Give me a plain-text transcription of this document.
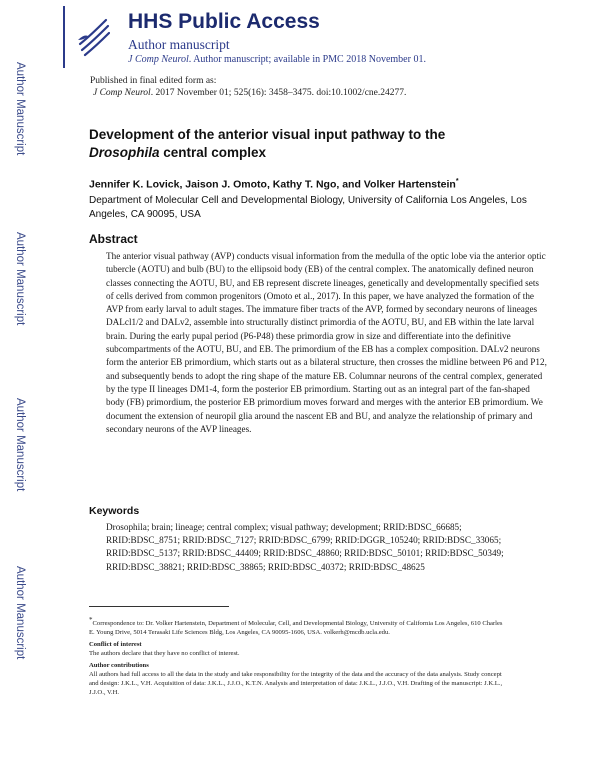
Author Manuscript
Author Manuscript
Author Manuscript
Author Manuscript
HHS Public Access
Author manuscript
J Comp Neurol. Author manuscript; available in PMC 2018 November 01.
Published in final edited form as:
J Comp Neurol. 2017 November 01; 525(16): 3458–3475. doi:10.1002/cne.24277.
Development of the anterior visual input pathway to the
Drosophila central complex
Jennifer K. Lovick, Jaison J. Omoto, Kathy T. Ngo, and Volker Hartenstein*
Department of Molecular Cell and Developmental Biology, University of California Los Angeles, Los Angeles, CA 90095, USA
Abstract
The anterior visual pathway (AVP) conducts visual information from the medulla of the optic lobe via the anterior optic tubercle (AOTU) and bulb (BU) to the ellipsoid body (EB) of the central complex. The anatomically defined neuron classes connecting the AOTU, BU, and EB represent discrete lineages, genetically and developmentally specified sets of cells derived from common progenitors (Omoto et al., 2017). In this paper, we have analyzed the formation of the AVP from early larval to adult stages. The immature fiber tracts of the AVP, formed by secondary neurons of lineages DALcl1/2 and DALv2, assemble into structurally distinct primordia of the AOTU, BU, and EB within the late larval brain. During the early pupal period (P6-P48) these primordia grow in size and differentiate into the definitive subcompartments of the AOTU, BU, and EB. The primordium of the EB has a complex composition. DALv2 neurons form the anterior EB primordium, which starts out as a bilateral structure, then crosses the midline between P6 and P12, and subsequently bends to adopt the ring shape of the mature EB. Columnar neurons of the central complex, generated by the type II lineages DM1-4, form the posterior EB primordium. Starting out as an integral part of the fan-shaped body (FB) primordium, the posterior EB primordium moves forward and merges with the anterior EB primordium. We document the extension of neuropil glia around the nascent EB and BU, and analyze the relationship of primary and secondary neurons of the AVP lineages.
Keywords
Drosophila; brain; lineage; central complex; visual pathway; development; RRID:BDSC_66685; RRID:BDSC_8751; RRID:BDSC_7127; RRID:BDSC_6799; RRID:DGGR_105240; RRID:BDSC_33065; RRID:BDSC_5137; RRID:BDSC_44409; RRID:BDSC_48860; RRID:BDSC_50101; RRID:BDSC_50349; RRID:BDSC_38821; RRID:BDSC_38865; RRID:BDSC_40372; RRID:BDSC_48625

*Correspondence to: Dr. Volker Hartenstein, Department of Molecular, Cell, and Developmental Biology, University of California Los Angeles, 610 Charles E. Young Drive, 5014 Terasaki Life Sciences Bldg, Los Angeles, CA 90095-1606, USA. volkerh@mcdb.ucla.edu.

Conflict of interest

The authors declare that they have no conflict of interest.

Author contributions

All authors had full access to all the data in the study and take responsibility for the integrity of the data and the accuracy of the data analysis. Study concept and design: J.K.L., V.H. Acquisition of data: J.K.L., J.J.O., K.T.N. Analysis and interpretation of data: J.K.L., J.J.O., V.H. Drafting of the manuscript: J.K.L., J.J.O., V.H.
